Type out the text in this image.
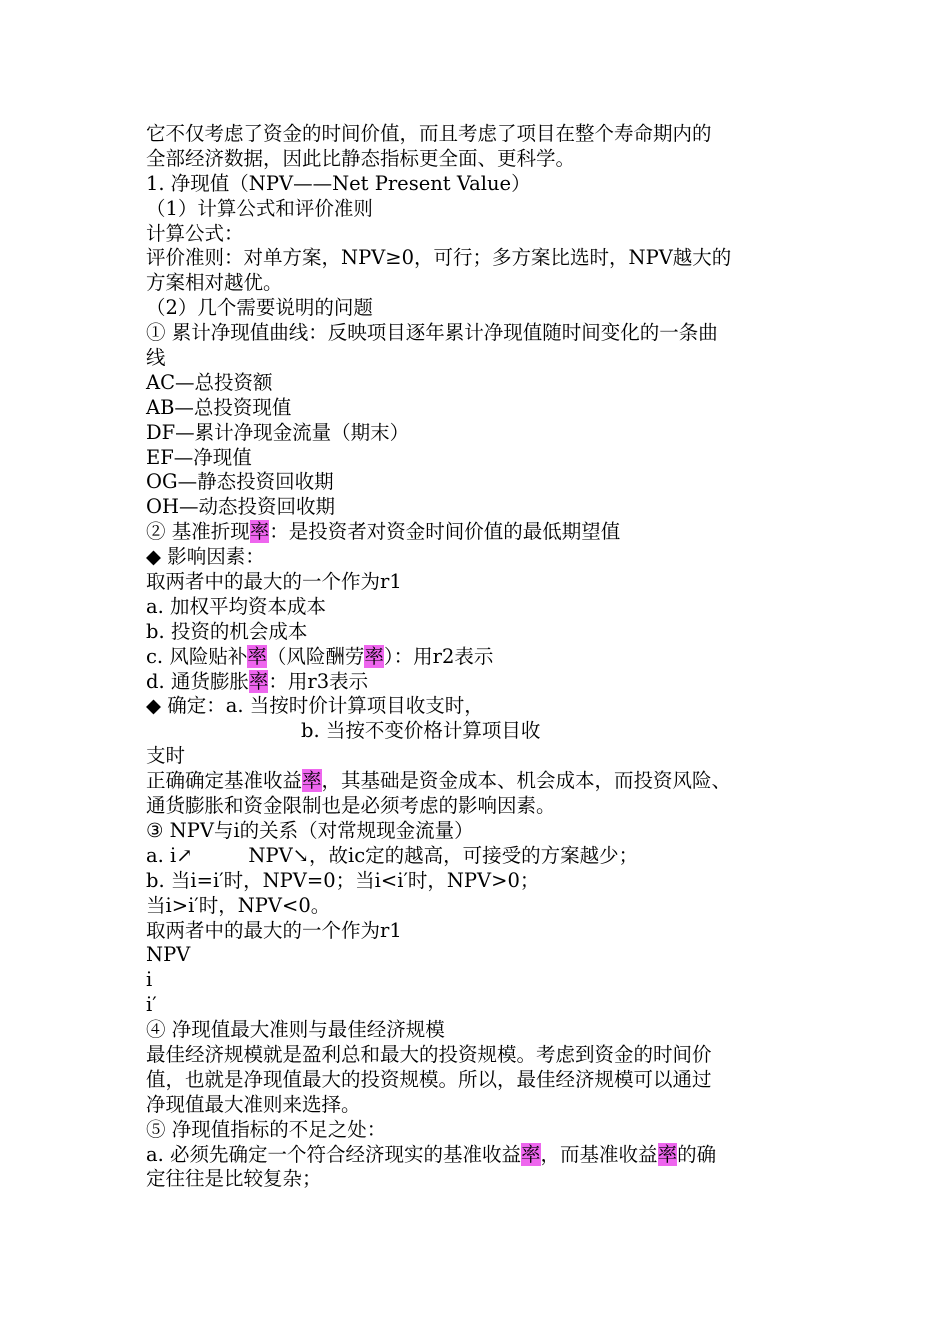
它不仅考虑了资金的时间价值，而且考虑了项目在整个寿命期内的
全部经济数据，因此比静态指标更全面、更科学。
1. 净现值（NPV——Net Present Value）
（1）计算公式和评价准则
计算公式：
评价准则：对单方案，NPV≥0，可行；多方案比选时，NPV越大的
方案相对越优。
（2）几个需要说明的问题
① 累计净现值曲线：反映项目逐年累计净现值随时间变化的一条曲
线
AC—总投资额
AB—总投资现值
DF—累计净现金流量（期末）
EF—净现值
OG—静态投资回收期
OH—动态投资回收期
② 基准折现率：是投资者对资金时间价值的最低期望值
◆ 影响因素：
取两者中的最大的一个作为r1
a. 加权平均资本成本
b. 投资的机会成本
c. 风险贴补率（风险酬劳率）：用r2表示
d. 通货膨胀率：用r3表示
◆ 确定：a. 当按时价计算项目收支时，
b. 当按不变价格计算项目收
支时
正确确定基准收益率，其基础是资金成本、机会成本，而投资风险、
通货膨胀和资金限制也是必须考虑的影响因素。
③ NPV与i的关系（对常规现金流量）
a. i↗         NPV↘，故ic定的越高，可接受的方案越少；
b. 当i=i′时，NPV=0；当i<i′时，NPV>0；
当i>i′时，NPV<0。
取两者中的最大的一个作为r1
NPV
i
i′
④ 净现值最大准则与最佳经济规模
最佳经济规模就是盈利总和最大的投资规模。考虑到资金的时间价
值，也就是净现值最大的投资规模。所以，最佳经济规模可以通过
净现值最大准则来选择。
⑤ 净现值指标的不足之处：
a. 必须先确定一个符合经济现实的基准收益率，而基准收益率的确
定往往是比较复杂；
